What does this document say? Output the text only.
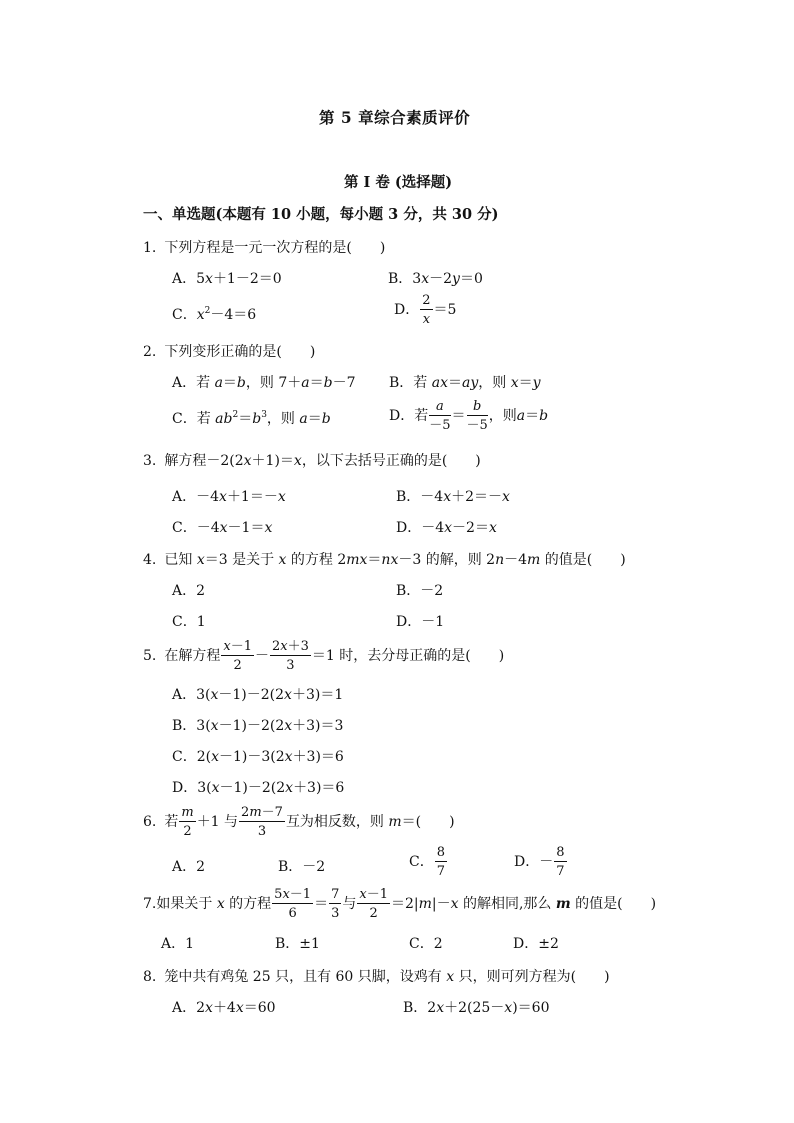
第 5 章综合素质评价
第 I 卷 (选择题)
一、单选题(本题有 10 小题，每小题 3 分，共 30 分)
1. 下列方程是一元一次方程的是(　　)
A．5x＋1－2＝0	B．3x－2y＝0
C．$x^2-4=6$	D． $\frac{2}{x} =5$
2. 下列变形正确的是(　　)
A．若 a＝b，则 7＋a＝b－7 B．若 ax＝ay，则 x＝y
C．若 $ab^2=b^3$，则 a＝b	D．若 $\frac{a}{-5} = \frac{b}{-5}$ ，则 a ＝ b
3. 解方程－2(2x＋1)＝x，以下去括号正确的是(　　)
A．－4x＋1＝－x	B．－4x＋2＝－x
C．－4x－1＝x	D．－4x－2＝x
4. 已知 x＝3 是关于 x 的方程 2mx＝nx－3 的解，则 2n－4m 的值是(　　)
A．2	B．－2
C．1	D．－1
5. 在解方程 $\frac{x-1}{2} - \frac{2x+3}{3} =1$ 时，去分母正确的是 (　　)
A．3(x－1)－2(2x＋3)＝1
B．3(x－1)－2(2x＋3)＝3
C．2(x－1)－3(2x＋3)＝6
D．3(x－1)－2(2x＋3)＝6
6. 若 $\frac{m}{2} +1$ 与 $\frac{2m-7}{3}$ 互为相反数，则
m ＝ (　　)
A．2	B．－2	C． $\frac{8}{7}$	D．－ $\frac{8}{7}$
7. 如果关于
x
的方程 $\frac{5x-1}{6} = \frac{7}{3}$ 与 $\frac{x-1}{2} =2|$ m |－ x
的解相同,那么
m
的值是 (　　)
A．1	B．±1	C．2	D．±2
8. 笼中共有鸡兔 25 只，且有 60 只脚，设鸡有 x 只，则可列方程为(　　)
A．2x＋4x＝60	B．2x＋2(25－x)＝60
